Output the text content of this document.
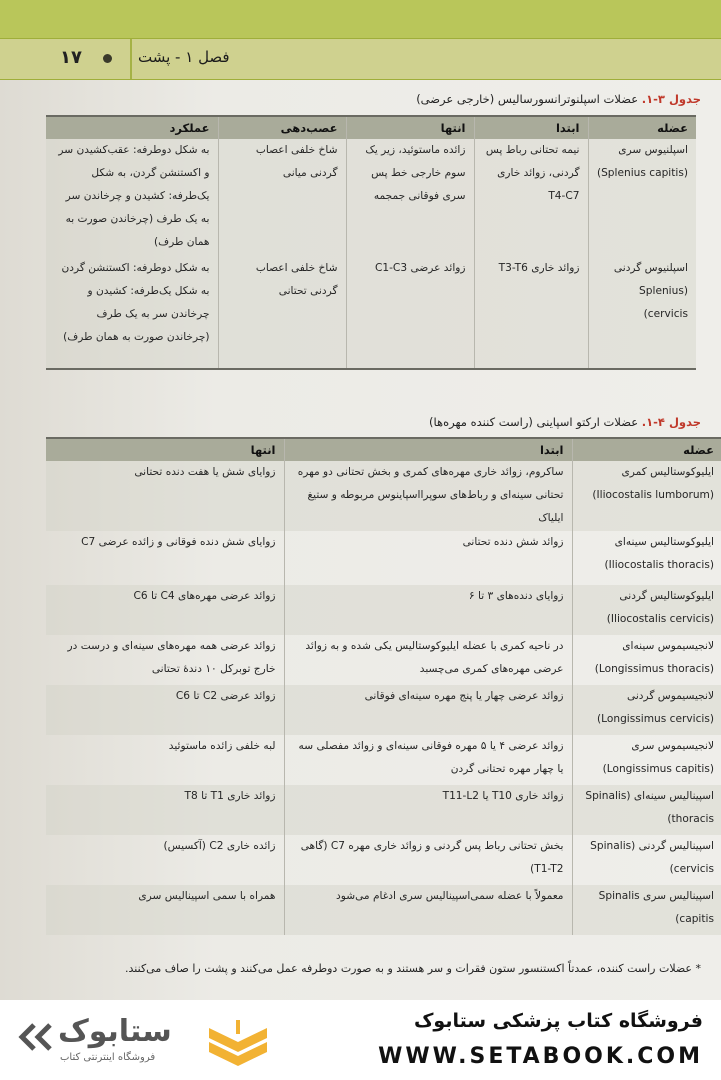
۱۷	فصل ۱ - پشت
جدول ۳-۱. عضلات اسپلنوترانسورسالیس (خارجی عرضی)
عضله	ابتدا	انتها	عصب‌دهی	عملکرد
اسپلنیوس سری (Splenius capitis)	نیمه تحتانی رباط پس گردنی، زوائد خاری T4-C7	زائده ماستوئید، زیر یک سوم خارجی خط پس سری فوقانی جمجمه	شاخ خلفی اعصاب گردنی میانی	به شکل دوطرفه: عقب‌کشیدن سر و اکستنشن گردن، به شکل یک‌طرفه: کشیدن و چرخاندن سر به یک طرف (چرخاندن صورت به همان طرف)
اسپلنیوس گردنی (Splenius cervicis)	زوائد خاری T3-T6	زوائد عرضی C1-C3	شاخ خلفی اعصاب گردنی تحتانی	به شکل دوطرفه: اکستنشن گردن به شکل یک‌طرفه: کشیدن و چرخاندن سر به یک طرف (چرخاندن صورت به همان طرف)
جدول ۴-۱. عضلات ارکتو اسپاینی (راست کننده مهره‌ها)
عضله	ابتدا	انتها
ایلیوکوستالیس کمری (Iliocostalis lumborum)	ساکروم، زوائد خاری مهره‌های کمری و بخش تحتانی دو مهره تحتانی سینه‌ای و رباط‌های سوپرااسپاینوس مربوطه و ستیغ ایلیاک	زوایای شش یا هفت دنده تحتانی
ایلیوکوستالیس سینه‌ای (Iliocostalis thoracis)	زوائد شش دنده تحتانی	زوایای شش دنده فوقانی و زائده عرضی C7
ایلیوکوستالیس گردنی (Iliocostalis cervicis)	زوایای دنده‌های ۳ تا ۶	زوائد عرضی مهره‌های C4 تا C6
لانجیسیموس سینه‌ای (Longissimus thoracis)	در ناحیه کمری با عضله ایلیوکوستالیس یکی شده و به زوائد عرضی مهره‌های کمری می‌چسبد	زوائد عرضی همه مهره‌های سینه‌ای و درست در خارج توبرکل ۱۰ دندهٔ تحتانی
لانجیسیموس گردنی (Longissimus cervicis)	زوائد عرضی چهار یا پنج مهره سینه‌ای فوقانی	زوائد عرضی C2 تا C6
لانجیسیموس سری (Longissimus capitis)	زوائد عرضی ۴ یا ۵ مهره فوقانی سینه‌ای و زوائد مفصلی سه یا چهار مهره تحتانی گردن	لبه خلفی زائده ماستوئید
اسپینالیس سینه‌ای (Spinalis thoracis)	زوائد خاری T10 یا T11-L2	زوائد خاری T1 تا T8
اسپینالیس گردنی (Spinalis cervicis)	بخش تحتانی رباط پس گردنی و زوائد خاری مهره C7 (گاهی T1-T2)	زائده خاری C2 (آکسیس)
اسپینالیس سری Spinalis capitis)	معمولاً با عضله سمی‌اسپینالیس سری ادغام می‌شود	همراه با سمی اسپینالیس سری
* عضلات راست کننده، عمدتاً اکستنسور ستون فقرات و سر هستند و به صورت دوطرفه عمل می‌کنند و پشت را صاف می‌کنند.
ستابوک
فروشگاه اینترنتی کتاب
فروشگاه کتاب پزشکی ستابوک
WWW.SETABOOK.COM
